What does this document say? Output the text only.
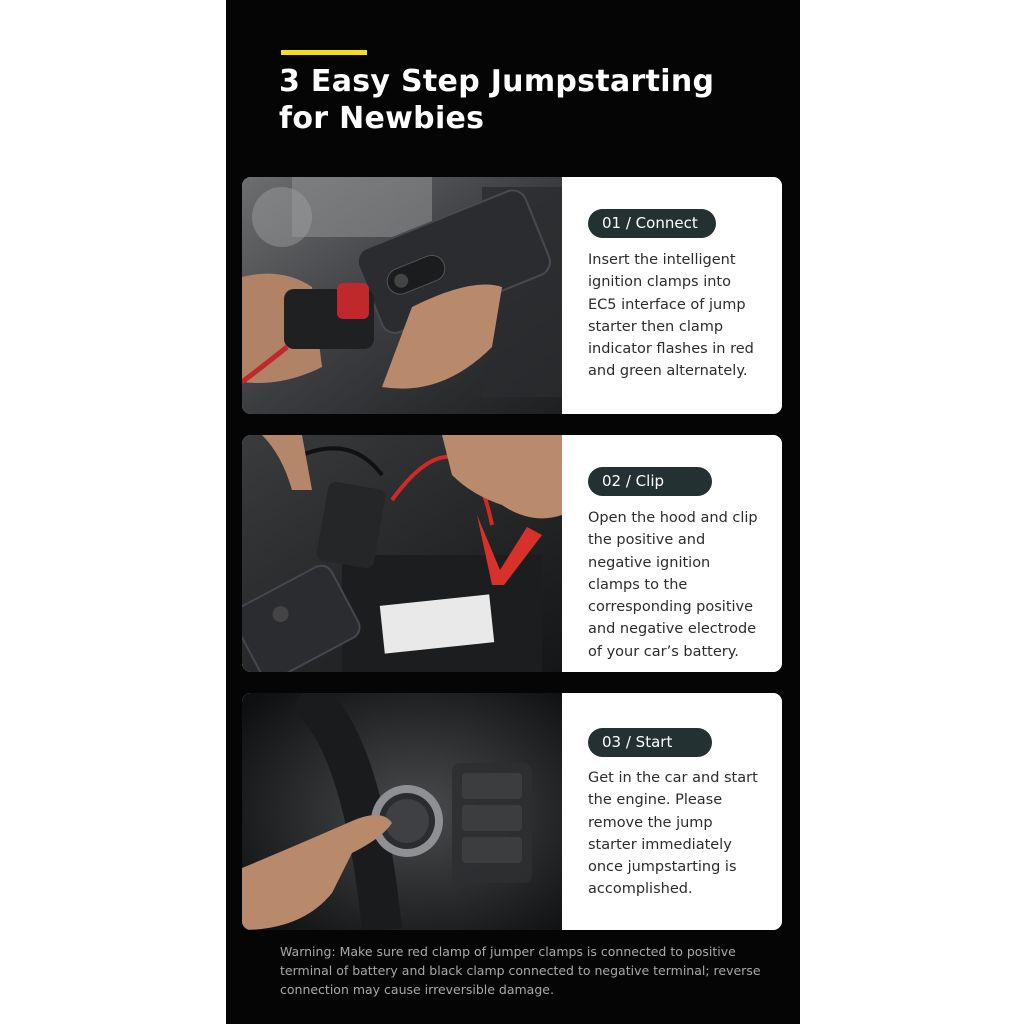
3 Easy Step Jumpstarting
for Newbies
01 / Connect
Insert the intelligent ignition clamps into EC5 interface of jump starter then clamp indicator flashes in red and green alternately.
02 / Clip
Open the hood and clip the positive and negative ignition clamps to the corresponding positive and negative electrode of your car’s battery.
03 / Start
Get in the car and start the engine. Please remove the jump starter immediately once jumpstarting is accomplished.
Warning: Make sure red clamp of jumper clamps is connected to positive terminal of battery and black clamp connected to negative terminal; reverse connection may cause irreversible damage.
